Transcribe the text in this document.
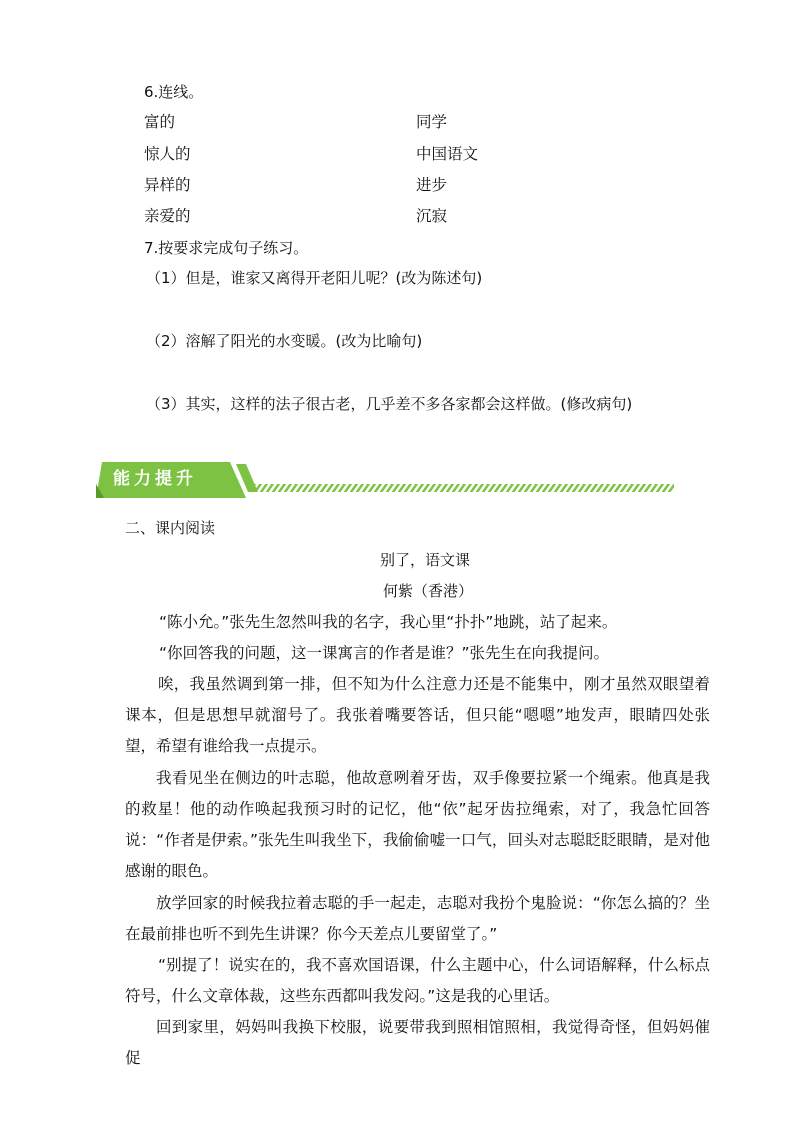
6.连线。
富的
惊人的
异样的
亲爱的
同学
中国语文
进步
沉寂
7.按要求完成句子练习。
（1）但是，谁家又离得开老阳儿呢？(改为陈述句)
（2）溶解了阳光的水变暖。(改为比喻句)
（3）其实，这样的法子很古老，几乎差不多各家都会这样做。(修改病句)
能力提升
二、课内阅读
别了，语文课
何紫（香港）
“陈小允。”张先生忽然叫我的名字，我心里“扑扑”地跳，站了起来。
“你回答我的问题，这一课寓言的作者是谁？”张先生在向我提问。
唉，我虽然调到第一排，但不知为什么注意力还是不能集中，刚才虽然双眼望着课本，但是思想早就溜号了。我张着嘴要答话，但只能“嗯嗯”地发声，眼睛四处张望，希望有谁给我一点提示。
我看见坐在侧边的叶志聪，他故意咧着牙齿，双手像要拉紧一个绳索。他真是我的救星！他的动作唤起我预习时的记忆，他“依”起牙齿拉绳索，对了，我急忙回答说：“作者是伊索。”张先生叫我坐下，我偷偷嘘一口气，回头对志聪眨眨眼睛，是对他感谢的眼色。
放学回家的时候我拉着志聪的手一起走，志聪对我扮个鬼脸说：“你怎么搞的？坐在最前排也听不到先生讲课？你今天差点儿要留堂了。”
“别提了！说实在的，我不喜欢国语课，什么主题中心，什么词语解释，什么标点符号，什么文章体裁，这些东西都叫我发闷。”这是我的心里话。
回到家里，妈妈叫我换下校服，说要带我到照相馆照相，我觉得奇怪，但妈妈催促
